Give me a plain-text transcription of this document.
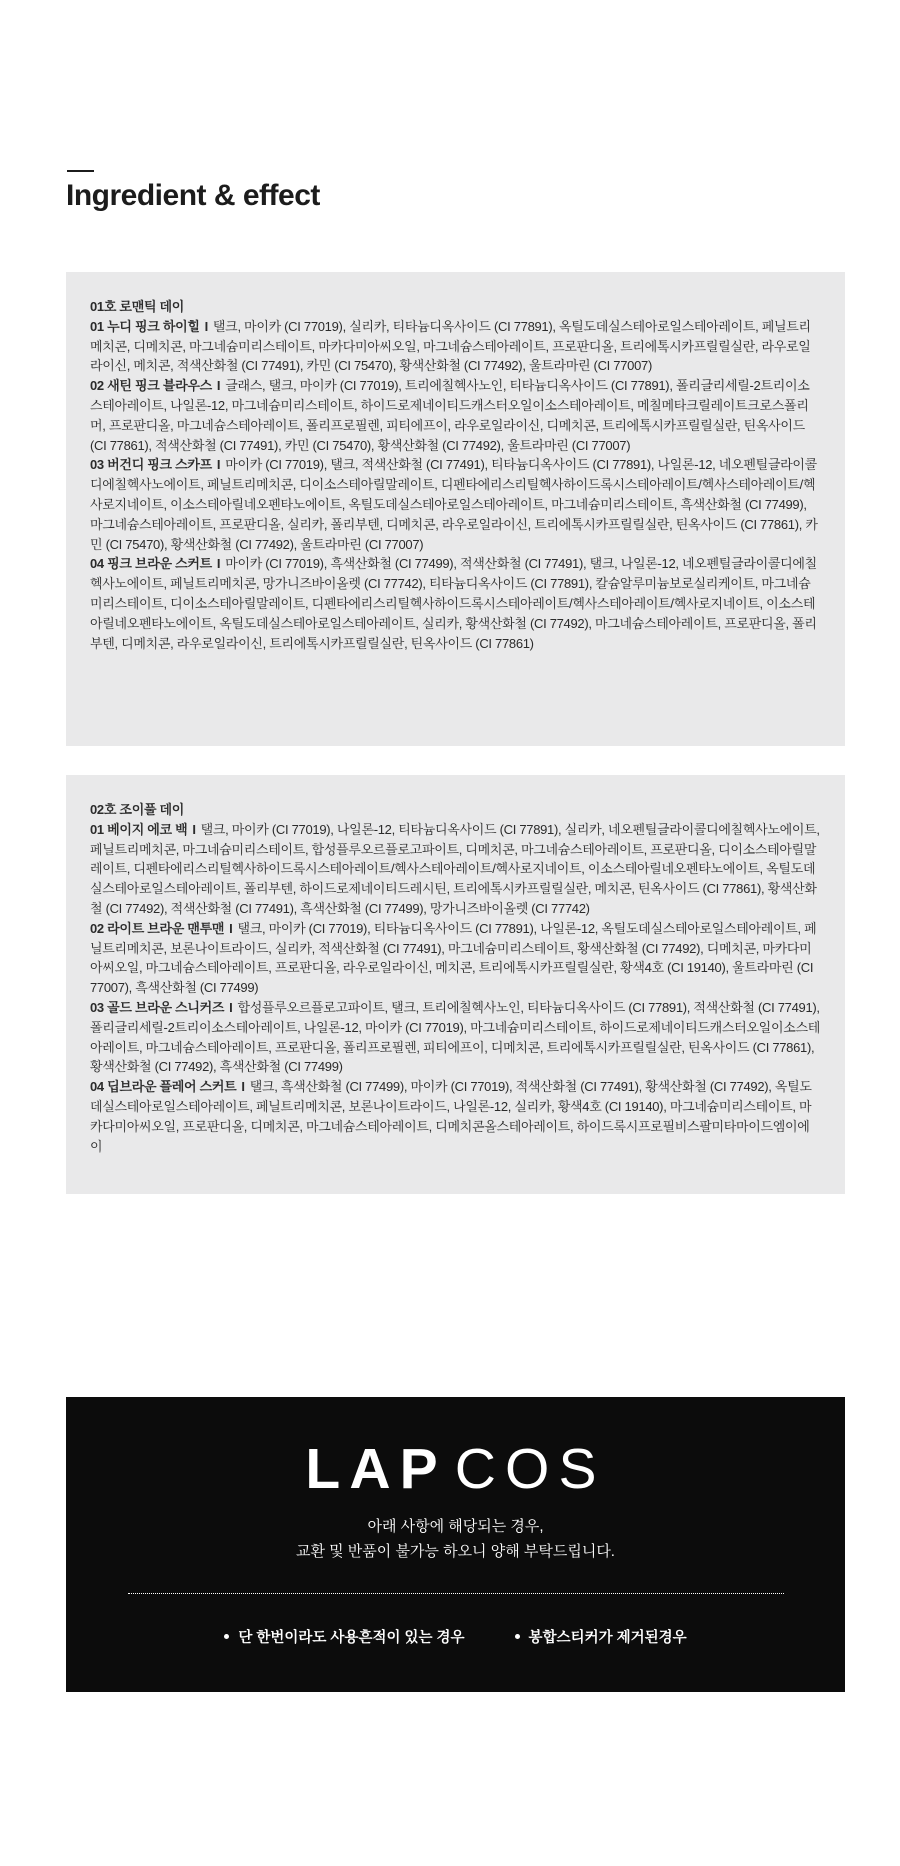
Ingredient & effect

01호 로맨틱 데이

01 누디 핑크 하이힐 I 탤크, 마이카 (CI 77019), 실리카, 티타늄디옥사이드 (CI 77891), 옥틸도데실스테아로일스테아레이트, 페닐트리메치콘, 디메치콘, 마그네슘미리스테이트, 마카다미아씨오일, 마그네슘스테아레이트, 프로판디올, 트리에톡시카프릴릴실란, 라우로일라이신, 메치콘, 적색산화철 (CI 77491), 카민 (CI 75470), 황색산화철 (CI 77492), 울트라마린 (CI 77007)

02 새틴 핑크 블라우스 I 글래스, 탤크, 마이카 (CI 77019), 트리에칠헥사노인, 티타늄디옥사이드 (CI 77891), 폴리글리세릴-2트리이소스테아레이트, 나일론-12, 마그네슘미리스테이트, 하이드로제네이티드캐스터오일이소스테아레이트, 메칠메타크릴레이트크로스폴리머, 프로판디올, 마그네슘스테아레이트, 폴리프로필렌, 피티에프이, 라우로일라이신, 디메치콘, 트리에톡시카프릴릴실란, 틴옥사이드 (CI 77861), 적색산화철 (CI 77491), 카민 (CI 75470), 황색산화철 (CI 77492), 울트라마린 (CI 77007)

03 버건디 핑크 스카프 I 마이카 (CI 77019), 탤크, 적색산화철 (CI 77491), 티타늄디옥사이드 (CI 77891), 나일론-12, 네오펜틸글라이콜디에칠헥사노에이트, 페닐트리메치콘, 디이소스테아릴말레이트, 디펜타에리스리틸헥사하이드록시스테아레이트/헥사스테아레이트/헥사로지네이트, 이소스테아릴네오펜타노에이트, 옥틸도데실스테아로일스테아레이트, 마그네슘미리스테이트, 흑색산화철 (CI 77499), 마그네슘스테아레이트, 프로판디올, 실리카, 폴리부텐, 디메치콘, 라우로일라이신, 트리에톡시카프릴릴실란, 틴옥사이드 (CI 77861), 카민 (CI 75470), 황색산화철 (CI 77492), 울트라마린 (CI 77007)

04 핑크 브라운 스커트 I 마이카 (CI 77019), 흑색산화철 (CI 77499), 적색산화철 (CI 77491), 탤크, 나일론-12, 네오펜틸글라이콜디에칠헥사노에이트, 페닐트리메치콘, 망가니즈바이올렛 (CI 77742), 티타늄디옥사이드 (CI 77891), 칼슘알루미늄보로실리케이트, 마그네슘미리스테이트, 디이소스테아릴말레이트, 디펜타에리스리틸헥사하이드록시스테아레이트/헥사스테아레이트/헥사로지네이트, 이소스테아릴네오펜타노에이트, 옥틸도데실스테아로일스테아레이트, 실리카, 황색산화철 (CI 77492), 마그네슘스테아레이트, 프로판디올, 폴리부텐, 디메치콘, 라우로일라이신, 트리에톡시카프릴릴실란, 틴옥사이드 (CI 77861)

02호 조이풀 데이

01 베이지 에코 백 I 탤크, 마이카 (CI 77019), 나일론-12, 티타늄디옥사이드 (CI 77891), 실리카, 네오펜틸글라이콜디에칠헥사노에이트, 페닐트리메치콘, 마그네슘미리스테이트, 합성플루오르플로고파이트, 디메치콘, 마그네슘스테아레이트, 프로판디올, 디이소스테아릴말레이트, 디펜타에리스리틸헥사하이드록시스테아레이트/헥사스테아레이트/헥사로지네이트, 이소스테아릴네오펜타노에이트, 옥틸도데실스테아로일스테아레이트, 폴리부텐, 하이드로제네이티드레시틴, 트리에톡시카프릴릴실란, 메치콘, 틴옥사이드 (CI 77861), 황색산화철 (CI 77492), 적색산화철 (CI 77491), 흑색산화철 (CI 77499), 망가니즈바이올렛 (CI 77742)

02 라이트 브라운 맨투맨 I 탤크, 마이카 (CI 77019), 티타늄디옥사이드 (CI 77891), 나일론-12, 옥틸도데실스테아로일스테아레이트, 페닐트리메치콘, 보론나이트라이드, 실리카, 적색산화철 (CI 77491), 마그네슘미리스테이트, 황색산화철 (CI 77492), 디메치콘, 마카다미아씨오일, 마그네슘스테아레이트, 프로판디올, 라우로일라이신, 메치콘, 트리에톡시카프릴릴실란, 황색4호 (CI 19140), 울트라마린 (CI 77007), 흑색산화철 (CI 77499)

03 골드 브라운 스니커즈 I 합성플루오르플로고파이트, 탤크, 트리에칠헥사노인, 티타늄디옥사이드 (CI 77891), 적색산화철 (CI 77491), 폴리글리세릴-2트리이소스테아레이트, 나일론-12, 마이카 (CI 77019), 마그네슘미리스테이트, 하이드로제네이티드캐스터오일이소스테아레이트, 마그네슘스테아레이트, 프로판디올, 폴리프로필렌, 피티에프이, 디메치콘, 트리에톡시카프릴릴실란, 틴옥사이드 (CI 77861), 황색산화철 (CI 77492), 흑색산화철 (CI 77499)

04 딥브라운 플레어 스커트 I 탤크, 흑색산화철 (CI 77499), 마이카 (CI 77019), 적색산화철 (CI 77491), 황색산화철 (CI 77492), 옥틸도데실스테아로일스테아레이트, 페닐트리메치콘, 보론나이트라이드, 나일론-12, 실리카, 황색4호 (CI 19140), 마그네슘미리스테이트, 마카다미아씨오일, 프로판디올, 디메치콘, 마그네슘스테아레이트, 디메치콘올스테아레이트, 하이드록시프로필비스팔미타마이드엠이에이

LAP COS

아래 사항에 해당되는 경우,

교환 및 반품이 불가능 하오니 양해 부탁드립니다.

단 한번이라도 사용흔적이 있는 경우	봉합스티커가 제거된경우
